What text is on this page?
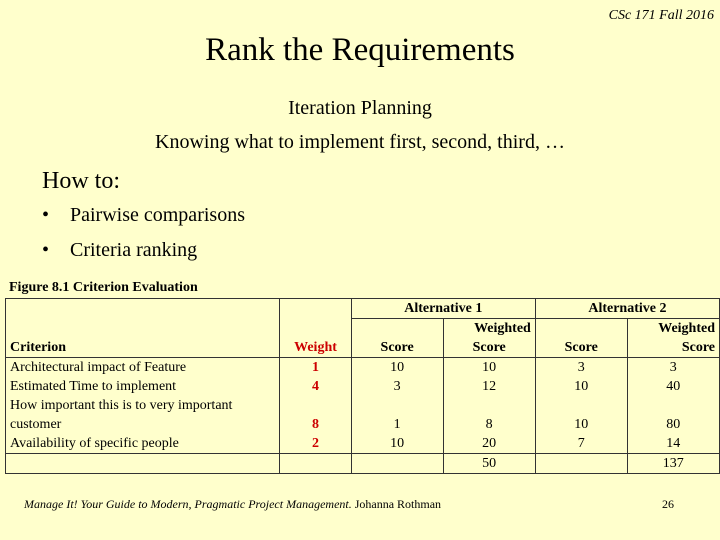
CSc 171 Fall 2016
Rank the Requirements
Iteration Planning
Knowing what to implement first, second, third, …
How to:
•	Pairwise comparisons
•	Criteria ranking
Figure 8.1 Criterion Evaluation
		Alternative 1		Alternative 2	
			Weighted		Weighted
Criterion	Weight	Score	Score	Score	Score
Architectural impact of Feature	1	10	10	3	3
Estimated Time to implement	4	3	12	10	40
How important this is to very important					
customer	8	1	8	10	80
Availability of specific people	2	10	20	7	14
			50		137
Manage It! Your Guide to Modern, Pragmatic Project Management. Johanna Rothman	26
